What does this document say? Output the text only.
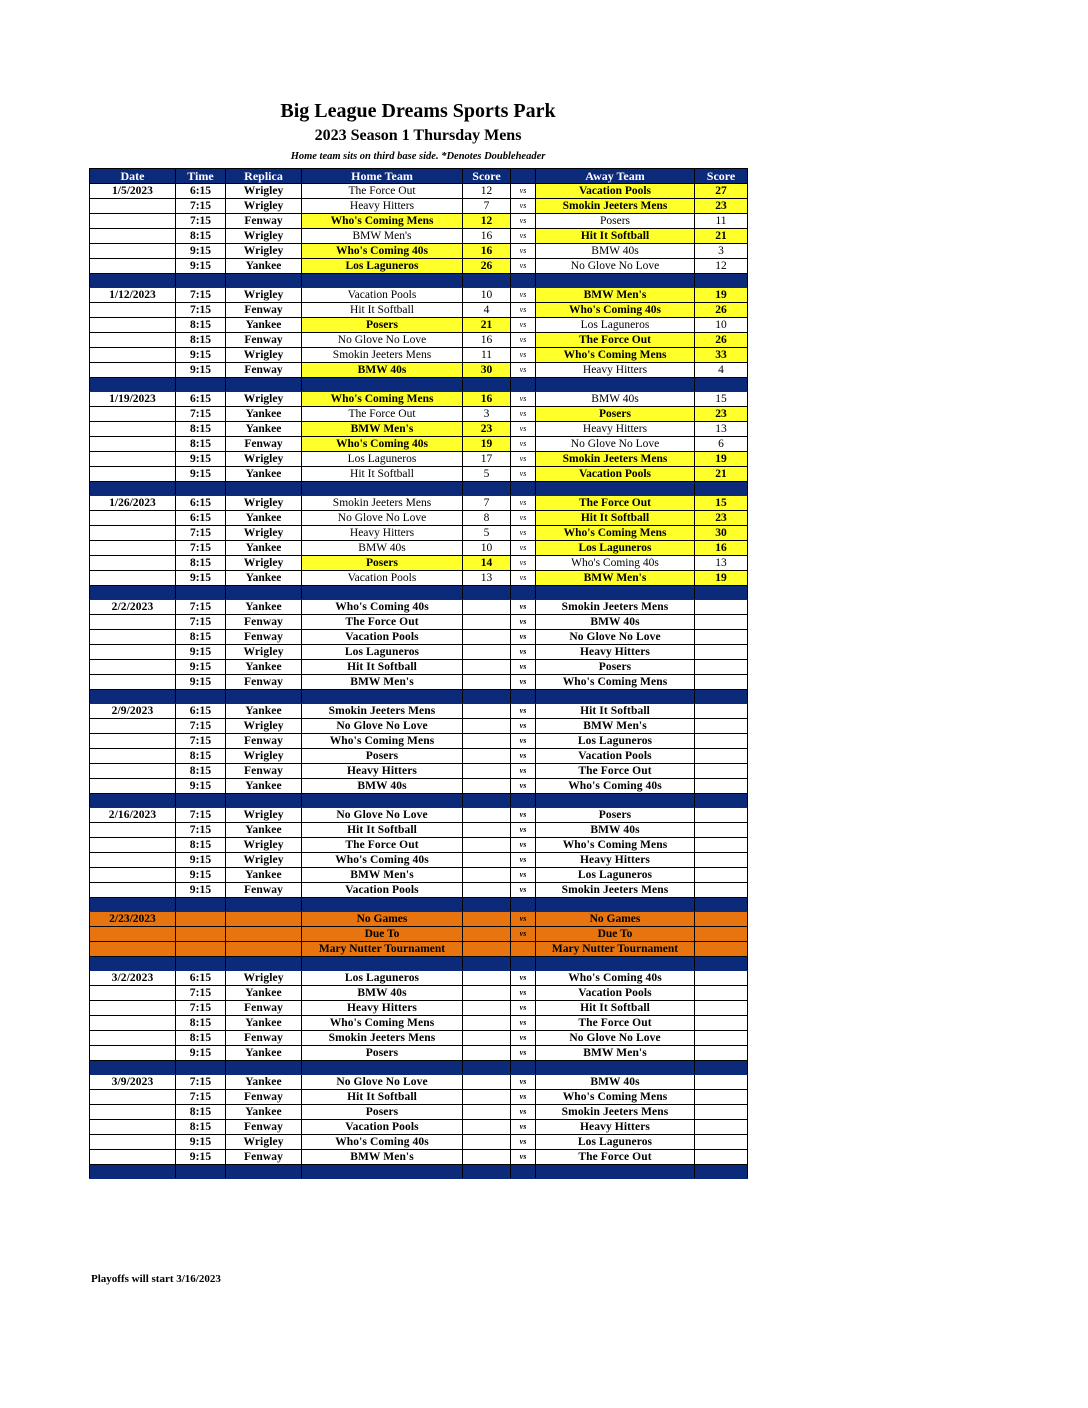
Big League Dreams Sports Park
2023 Season 1 Thursday Mens
Home team sits on third base side. *Denotes Doubleheader
Date	Time	Replica	Home Team	Score		Away Team	Score
1/5/2023	6:15	Wrigley	The Force Out	12	vs	Vacation Pools	27
	7:15	Wrigley	Heavy Hitters	7	vs	Smokin Jeeters Mens	23
	7:15	Fenway	Who's Coming Mens	12	vs	Posers	11
	8:15	Wrigley	BMW Men's	16	vs	Hit It Softball	21
	9:15	Wrigley	Who's Coming 40s	16	vs	BMW 40s	3
	9:15	Yankee	Los Laguneros	26	vs	No Glove No Love	12

1/12/2023	7:15	Wrigley	Vacation Pools	10	vs	BMW Men's	19
	7:15	Fenway	Hit It Softball	4	vs	Who's Coming 40s	26
	8:15	Yankee	Posers	21	vs	Los Laguneros	10
	8:15	Fenway	No Glove No Love	16	vs	The Force Out	26
	9:15	Wrigley	Smokin Jeeters Mens	11	vs	Who's Coming Mens	33
	9:15	Fenway	BMW 40s	30	vs	Heavy Hitters	4

1/19/2023	6:15	Wrigley	Who's Coming Mens	16	vs	BMW 40s	15
	7:15	Yankee	The Force Out	3	vs	Posers	23
	8:15	Yankee	BMW Men's	23	vs	Heavy Hitters	13
	8:15	Fenway	Who's Coming 40s	19	vs	No Glove No Love	6
	9:15	Wrigley	Los Laguneros	17	vs	Smokin Jeeters Mens	19
	9:15	Yankee	Hit It Softball	5	vs	Vacation Pools	21

1/26/2023	6:15	Wrigley	Smokin Jeeters Mens	7	vs	The Force Out	15
	6:15	Yankee	No Glove No Love	8	vs	Hit It Softball	23
	7:15	Wrigley	Heavy Hitters	5	vs	Who's Coming Mens	30
	7:15	Yankee	BMW 40s	10	vs	Los Laguneros	16
	8:15	Wrigley	Posers	14	vs	Who's Coming 40s	13
	9:15	Yankee	Vacation Pools	13	vs	BMW Men's	19

2/2/2023	7:15	Yankee	Who's Coming 40s		vs	Smokin Jeeters Mens	
	7:15	Fenway	The Force Out		vs	BMW 40s	
	8:15	Fenway	Vacation Pools		vs	No Glove No Love	
	9:15	Wrigley	Los Laguneros		vs	Heavy Hitters	
	9:15	Yankee	Hit It Softball		vs	Posers	
	9:15	Fenway	BMW Men's		vs	Who's Coming Mens	

2/9/2023	6:15	Yankee	Smokin Jeeters Mens		vs	Hit It Softball	
	7:15	Wrigley	No Glove No Love		vs	BMW Men's	
	7:15	Fenway	Who's Coming Mens		vs	Los Laguneros	
	8:15	Wrigley	Posers		vs	Vacation Pools	
	8:15	Fenway	Heavy Hitters		vs	The Force Out	
	9:15	Yankee	BMW 40s		vs	Who's Coming 40s	

2/16/2023	7:15	Wrigley	No Glove No Love		vs	Posers	
	7:15	Yankee	Hit It Softball		vs	BMW 40s	
	8:15	Wrigley	The Force Out		vs	Who's Coming Mens	
	9:15	Wrigley	Who's Coming 40s		vs	Heavy Hitters	
	9:15	Yankee	BMW Men's		vs	Los Laguneros	
	9:15	Fenway	Vacation Pools		vs	Smokin Jeeters Mens	

2/23/2023			No Games		vs	No Games	
			Due To		vs	Due To	
			Mary Nutter Tournament			Mary Nutter Tournament	

3/2/2023	6:15	Wrigley	Los Laguneros		vs	Who's Coming 40s	
	7:15	Yankee	BMW 40s		vs	Vacation Pools	
	7:15	Fenway	Heavy Hitters		vs	Hit It Softball	
	8:15	Yankee	Who's Coming Mens		vs	The Force Out	
	8:15	Fenway	Smokin Jeeters Mens		vs	No Glove No Love	
	9:15	Yankee	Posers		vs	BMW Men's	

3/9/2023	7:15	Yankee	No Glove No Love		vs	BMW 40s	
	7:15	Fenway	Hit It Softball		vs	Who's Coming Mens	
	8:15	Yankee	Posers		vs	Smokin Jeeters Mens	
	8:15	Fenway	Vacation Pools		vs	Heavy Hitters	
	9:15	Wrigley	Who's Coming 40s		vs	Los Laguneros	
	9:15	Fenway	BMW Men's		vs	The Force Out	

Playoffs will start 3/16/2023
